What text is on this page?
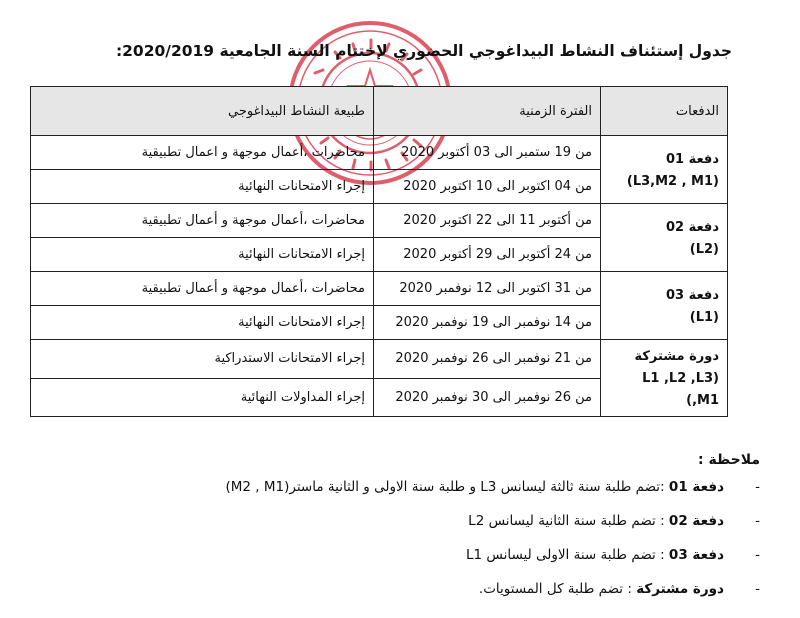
جدول إستئناف النشاط البيداغوجي الحضوري لإختتام السنة الجامعية 2020/2019:
الدفعات	الفترة الزمنية	طبيعة النشاط البيداغوجي

دفعة 01
(L3,M2 , M1)	من 19 ستمبر الى 03 أكتوبر 2020	محاضرات ،أعمال موجهة و اعمال تطبيقية
	من 04 اكتوبر الى 10 اكتوبر 2020	إجراء الامتحانات النهائية

دفعة 02
(L2)	من أكتوبر 11 الى 22 اكتوبر 2020	محاضرات ،أعمال موجهة و أعمال تطبيقية
	من 24 أكتوبر الى 29 أكتوبر 2020	إجراء الامتحانات النهائية

دفعة 03
(L1)	من 31 اكتوبر الى 12 نوفمبر 2020	محاضرات ،أعمال موجهة و أعمال تطبيقية
	من 14 نوفمبر الى 19 نوفمبر 2020	إجراء الامتحانات النهائية

دورة مشتركة
(L1 ,L2 ,L3 ,M1)	من 21 نوفمبر الى 26 نوفمبر 2020	إجراء الامتحانات الاستدراكية
	من 26 نوفمبر الى 30 نوفمبر 2020	إجراء المداولات النهائية
ملاحظة :
-
دفعة 01 :تضم طلبة سنة ثالثة ليسانس L3 و طلبة سنة الاولى و الثانية ماستر(M2 , M1)
-
دفعة 02 : تضم طلبة سنة الثانية ليسانس L2
-
دفعة 03 : تضم طلبة سنة الاولى ليسانس L1
-
دورة مشتركة : تضم طلبة كل المستويات.
